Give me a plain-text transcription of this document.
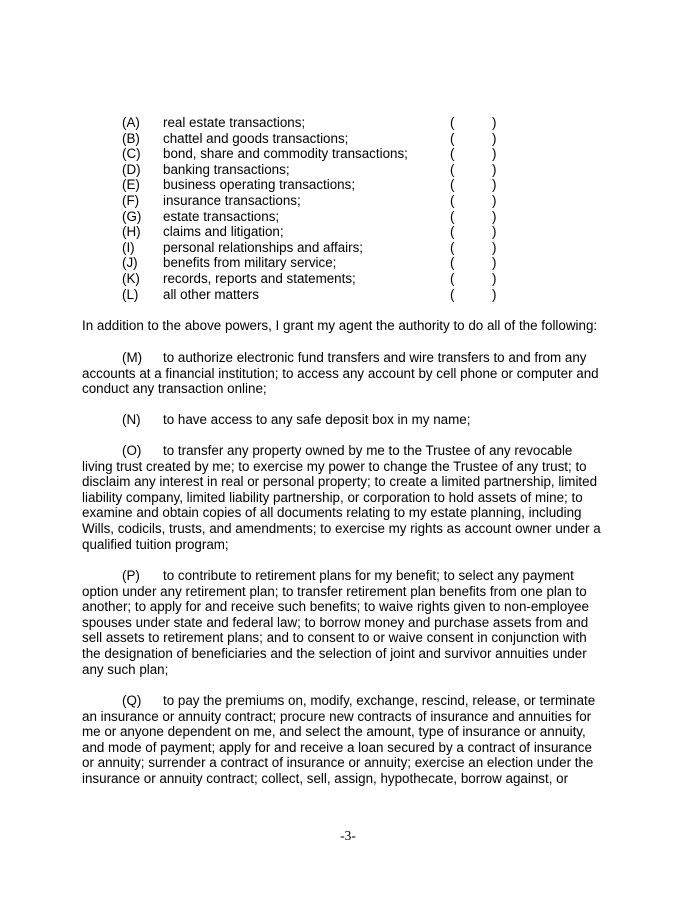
(A) real estate transactions;	(	)
(B) chattel and goods transactions;	(	)
(C) bond, share and commodity transactions;	(	)
(D) banking transactions;	(	)
(E) business operating transactions;	(	)
(F) insurance transactions;	(	)
(G) estate transactions;	(	)
(H) claims and litigation;	(	)
(I) personal relationships and affairs;	(	)
(J) benefits from military service;	(	)
(K) records, reports and statements;	(	)
(L) all other matters	(	)
In addition to the above powers, I grant my agent the authority to do all of the following:
(M) to authorize electronic fund transfers and wire transfers to and from any
accounts at a financial institution; to access any account by cell phone or computer and
conduct any transaction online;
(N) to have access to any safe deposit box in my name;
(O) to transfer any property owned by me to the Trustee of any revocable
living trust created by me; to exercise my power to change the Trustee of any trust; to
disclaim any interest in real or personal property; to create a limited partnership, limited
liability company, limited liability partnership, or corporation to hold assets of mine; to
examine and obtain copies of all documents relating to my estate planning, including
Wills, codicils, trusts, and amendments; to exercise my rights as account owner under a
qualified tuition program;
(P) to contribute to retirement plans for my benefit; to select any payment
option under any retirement plan; to transfer retirement plan benefits from one plan to
another; to apply for and receive such benefits; to waive rights given to non-employee
spouses under state and federal law; to borrow money and purchase assets from and
sell assets to retirement plans; and to consent to or waive consent in conjunction with
the designation of beneficiaries and the selection of joint and survivor annuities under
any such plan;
(Q) to pay the premiums on, modify, exchange, rescind, release, or terminate
an insurance or annuity contract; procure new contracts of insurance and annuities for
me or anyone dependent on me, and select the amount, type of insurance or annuity,
and mode of payment; apply for and receive a loan secured by a contract of insurance
or annuity; surrender a contract of insurance or annuity; exercise an election under the
insurance or annuity contract; collect, sell, assign, hypothecate, borrow against, or
-3-
